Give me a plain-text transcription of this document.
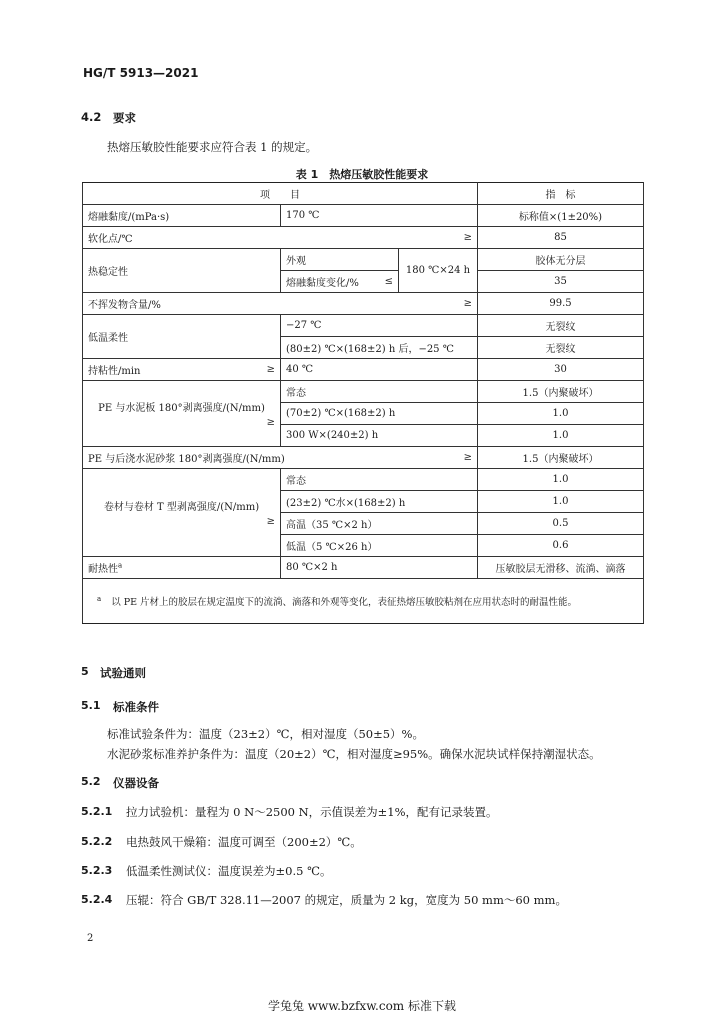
HG/T 5913—2021
4.2 要求
热熔压敏胶性能要求应符合表 1 的规定。
表 1　热熔压敏胶性能要求
项　　目			指　标
熔融黏度/(mPa·s)	170 ℃		标称值×(1±20%)

软化点/℃ ≥			85
热稳定性	外观	180 ℃×24 h	胶体无分层

	熔融黏度变化/% ≤		35

不挥发物含量/% ≥			99.5
低温柔性	−27 ℃		无裂纹
	(80±2) ℃×(168±2) h 后，−25 ℃		无裂纹

持粘性/min ≥	40 ℃		30

PE 与水泥板 180°剥离强度/(N/mm)
≥	常态		1.5（内聚破坏）
	(70±2) ℃×(168±2) h		1.0
	300 W×(240±2) h		1.0

PE 与后浇水泥砂浆 180°剥离强度/(N/mm) ≥			1.5（内聚破坏）

卷材与卷材 T 型剥离强度/(N/mm)
≥	常态		1.0
	(23±2) ℃水×(168±2) h		1.0
	高温（35 ℃×2 h）		0.5
	低温（5 ℃×26 h）		0.6
耐热性$^a$	80 ℃×2 h		压敏胶层无滑移、流淌、滴落
$^a$ 以 PE 片材上的胶层在规定温度下的流淌、滴落和外观等变化，表征热熔压敏胶粘剂在应用状态时的耐温性能。			
5 试验通则
5.1 标准条件
标准试验条件为：温度（23±2）℃，相对湿度（50±5）%。
水泥砂浆标准养护条件为：温度（20±2）℃，相对湿度≥95%。确保水泥块试样保持潮湿状态。
5.2 仪器设备
5.2.1 拉力试验机：量程为 0 N～2500 N，示值误差为±1%，配有记录装置。
5.2.2 电热鼓风干燥箱：温度可调至（200±2）℃。
5.2.3 低温柔性测试仪：温度误差为±0.5 ℃。
5.2.4 压辊：符合 GB/T 328.11—2007 的规定，质量为 2 kg，宽度为 50 mm～60 mm。
2
学兔兔 www.bzfxw.com 标准下载
